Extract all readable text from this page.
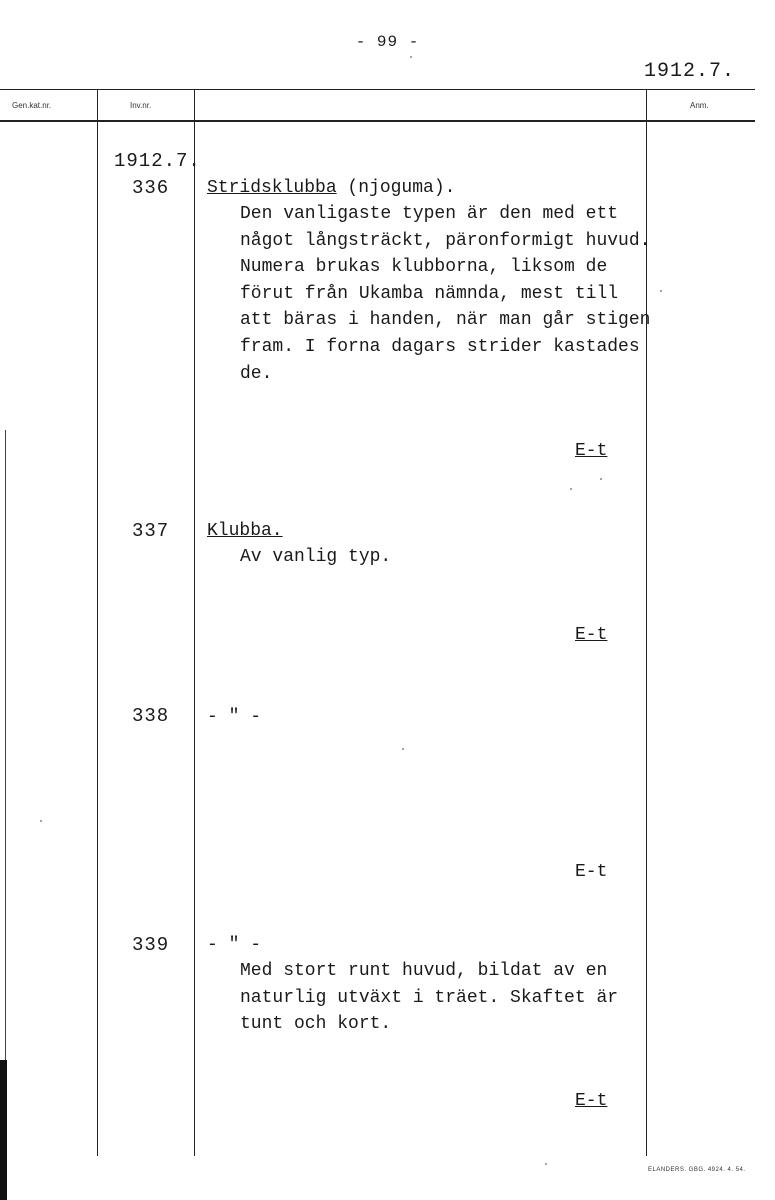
- 99 -
1912.7.
Gen.kat.nr.	Inv.nr.	Anm.
1912.7.
336 Stridsklubba (njoguma).
Den vanligaste typen är den med ett
något långsträckt, päronformigt huvud.
Numera brukas klubborna, liksom de
förut från Ukamba nämnda, mest till
att bäras i handen, när man går stigen
fram. I forna dagars strider kastades
de.
E-t
337 Klubba.
Av vanlig typ.
E-t
338 - " -
E-t
339 - " -
Med stort runt huvud, bildat av en
naturlig utväxt i träet. Skaftet är
tunt och kort.
E-t
ELANDERS. GBG. 4924. 4. 54.
